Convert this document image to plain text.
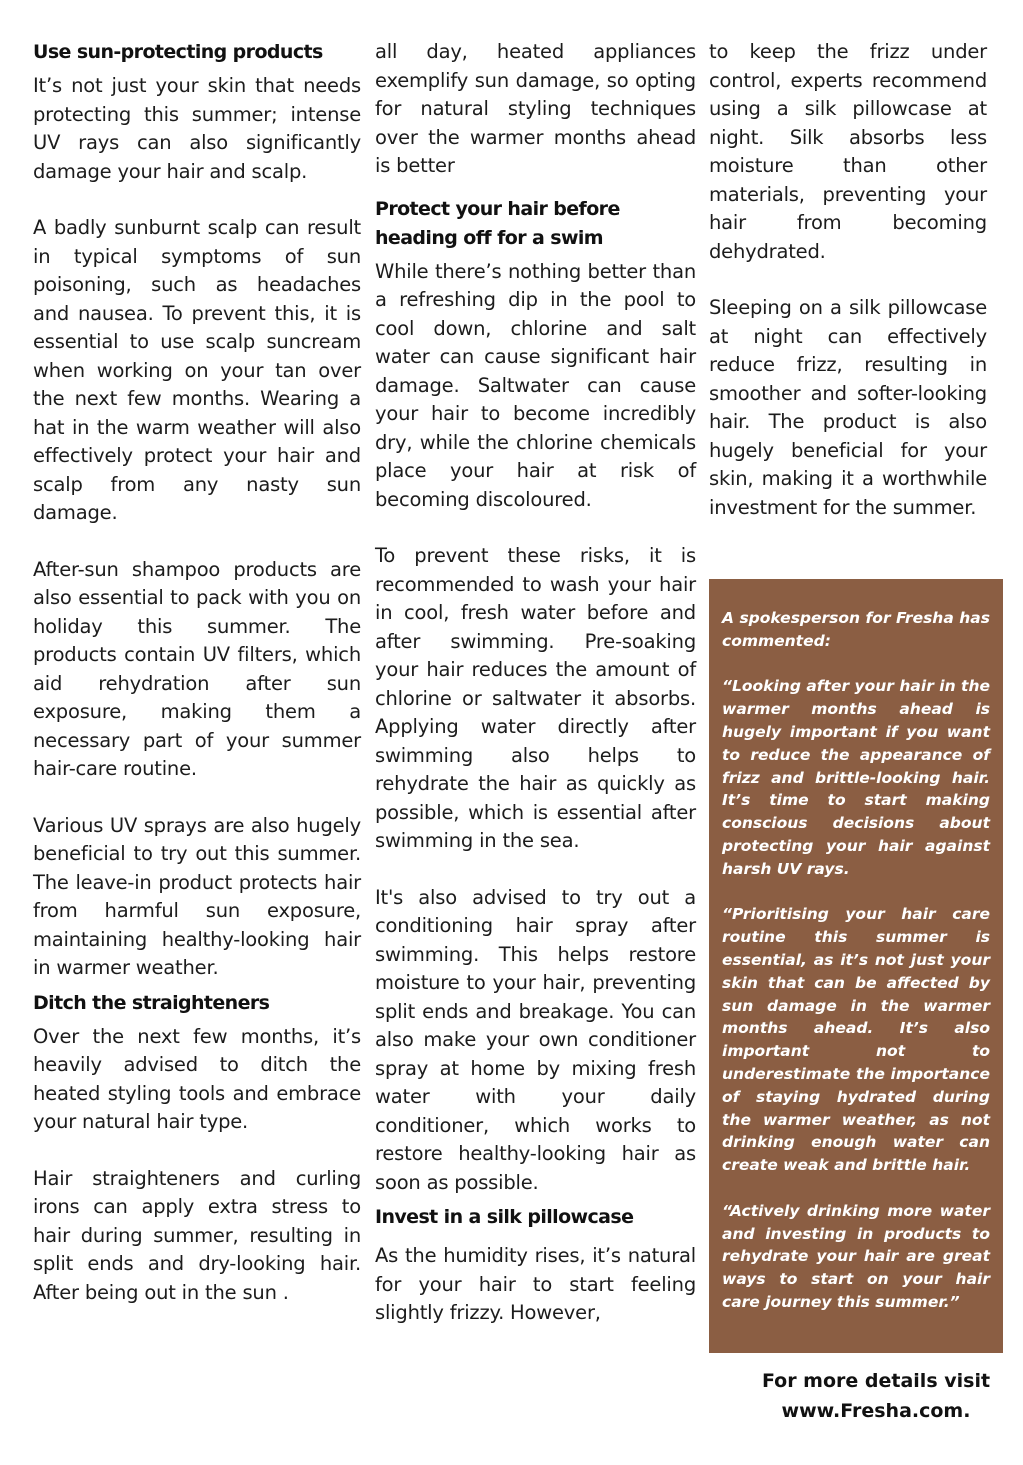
Use sun-protecting products

It’s not just your skin that needs protecting this summer; intense UV rays can also significantly damage your hair and scalp.

A badly sunburnt scalp can result in typical symptoms of sun poisoning, such as headaches and nausea. To prevent this, it is essential to use scalp suncream when working on your tan over the next few months. Wearing a hat in the warm weather will also effectively protect your hair and scalp from any nasty sun damage.

After-sun shampoo products are also essential to pack with you on holiday this summer. The products contain UV filters, which aid rehydration after sun exposure, making them a necessary part of your summer hair-care routine.

Various UV sprays are also hugely beneficial to try out this summer. The leave-in product protects hair from harmful sun exposure, maintaining healthy-looking hair in warmer weather.

Ditch the straighteners

Over the next few months, it’s heavily advised to ditch the heated styling tools and embrace your natural hair type.

Hair straighteners and curling irons can apply extra stress to hair during summer, resulting in split ends and dry-looking hair. After being out in the sun .

all day, heated appliances exemplify sun damage, so opting for natural styling techniques over the warmer months ahead is better

Protect your hair before heading off for a swim

While there’s nothing better than a refreshing dip in the pool to cool down, chlorine and salt water can cause significant hair damage. Saltwater can cause your hair to become incredibly dry, while the chlorine chemicals place your hair at risk of becoming discoloured.

To prevent these risks, it is recommended to wash your hair in cool, fresh water before and after swimming. Pre-soaking your hair reduces the amount of chlorine or saltwater it absorbs. Applying water directly after swimming also helps to rehydrate the hair as quickly as possible, which is essential after swimming in the sea.

It's also advised to try out a conditioning hair spray after swimming. This helps restore moisture to your hair, preventing split ends and breakage. You can also make your own conditioner spray at home by mixing fresh water with your daily conditioner, which works to restore healthy-looking hair as soon as possible.

Invest in a silk pillowcase

As the humidity rises, it’s natural for your hair to start feeling slightly frizzy. However,

to keep the frizz under control, experts recommend using a silk pillowcase at night. Silk absorbs less moisture than other materials, preventing your hair from becoming dehydrated.

Sleeping on a silk pillowcase at night can effectively reduce frizz, resulting in smoother and softer-looking hair. The product is also hugely beneficial for your skin, making it a worthwhile investment for the summer.

A spokesperson for Fresha has commented:

“Looking after your hair in the warmer months ahead is hugely important if you want to reduce the appearance of frizz and brittle-looking hair. It’s time to start making conscious decisions about protecting your hair against harsh UV rays.

“Prioritising your hair care routine this summer is essential, as it’s not just your skin that can be affected by sun damage in the warmer months ahead. It’s also important not to underestimate the importance of staying hydrated during the warmer weather, as not drinking enough water can create weak and brittle hair.

“Actively drinking more water and investing in products to rehydrate your hair are great ways to start on your hair care journey this summer.”

For more details visit
www.Fresha.com.
